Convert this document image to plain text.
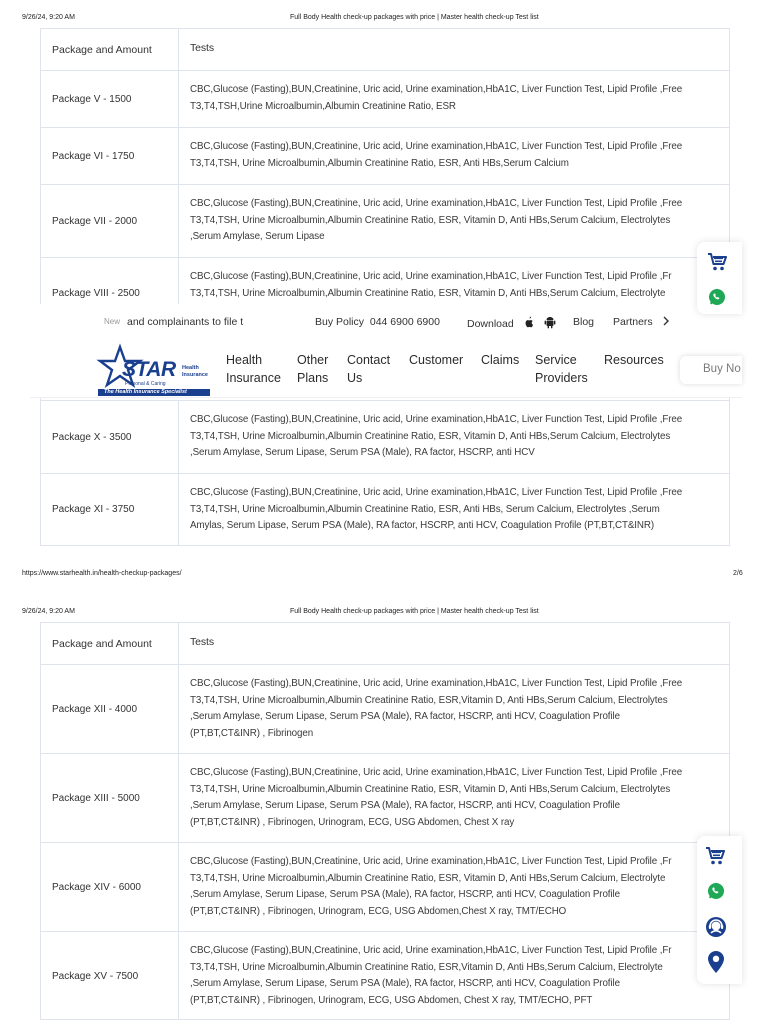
9/26/24, 9:20 AM	Full Body Health check-up packages with price | Master health check-up Test list
Package and Amount	Tests
Package V - 1500
CBC,Glucose (Fasting),BUN,Creatinine, Uric acid, Urine examination,HbA1C, Liver Function Test, Lipid Profile ,Free
T3,T4,TSH,Urine Microalbumin,Albumin Creatinine Ratio, ESR
Package VI - 1750
CBC,Glucose (Fasting),BUN,Creatinine, Uric acid, Urine examination,HbA1C, Liver Function Test, Lipid Profile ,Free
T3,T4,TSH, Urine Microalbumin,Albumin Creatinine Ratio, ESR, Anti HBs,Serum Calcium
Package VII - 2000
CBC,Glucose (Fasting),BUN,Creatinine, Uric acid, Urine examination,HbA1C, Liver Function Test, Lipid Profile ,Free
T3,T4,TSH, Urine Microalbumin,Albumin Creatinine Ratio, ESR, Vitamin D, Anti HBs,Serum Calcium, Electrolytes
,Serum Amylase, Serum Lipase
Package VIII - 2500
CBC,Glucose (Fasting),BUN,Creatinine, Uric acid, Urine examination,HbA1C, Liver Function Test, Lipid Profile ,Fr
T3,T4,TSH, Urine Microalbumin,Albumin Creatinine Ratio, ESR, Vitamin D, Anti HBs,Serum Calcium, Electrolyte
New and complainants to file t	Buy Policy 044 6900 6900	Download	Blog Partners
STAR Health
Insurance
Personal & Caring
The Health Insurance Specialist
Health
Insurance
Other
Plans
Contact
Us
Customer Claims Service
Providers
Resources
Buy No
Package X - 3500
CBC,Glucose (Fasting),BUN,Creatinine, Uric acid, Urine examination,HbA1C, Liver Function Test, Lipid Profile ,Free
T3,T4,TSH, Urine Microalbumin,Albumin Creatinine Ratio, ESR, Vitamin D, Anti HBs,Serum Calcium, Electrolytes
,Serum Amylase, Serum Lipase, Serum PSA (Male), RA factor, HSCRP, anti HCV
Package XI - 3750
CBC,Glucose (Fasting),BUN,Creatinine, Uric acid, Urine examination,HbA1C, Liver Function Test, Lipid Profile ,Free
T3,T4,TSH, Urine Microalbumin,Albumin Creatinine Ratio, ESR, Anti HBs, Serum Calcium, Electrolytes ,Serum
Amylas, Serum Lipase, Serum PSA (Male), RA factor, HSCRP, anti HCV, Coagulation Profile (PT,BT,CT&INR)
https://www.starhealth.in/health-checkup-packages/	2/6
9/26/24, 9:20 AM	Full Body Health check-up packages with price | Master health check-up Test list
Package and Amount	Tests
Package XII - 4000
CBC,Glucose (Fasting),BUN,Creatinine, Uric acid, Urine examination,HbA1C, Liver Function Test, Lipid Profile ,Free
T3,T4,TSH, Urine Microalbumin,Albumin Creatinine Ratio, ESR,Vitamin D, Anti HBs,Serum Calcium, Electrolytes
,Serum Amylase, Serum Lipase, Serum PSA (Male), RA factor, HSCRP, anti HCV, Coagulation Profile
(PT,BT,CT&INR) , Fibrinogen
Package XIII - 5000
CBC,Glucose (Fasting),BUN,Creatinine, Uric acid, Urine examination,HbA1C, Liver Function Test, Lipid Profile ,Free
T3,T4,TSH, Urine Microalbumin,Albumin Creatinine Ratio, ESR, Vitamin D, Anti HBs,Serum Calcium, Electrolytes
,Serum Amylase, Serum Lipase, Serum PSA (Male), RA factor, HSCRP, anti HCV, Coagulation Profile
(PT,BT,CT&INR) , Fibrinogen, Urinogram, ECG, USG Abdomen, Chest X ray
Package XIV - 6000
CBC,Glucose (Fasting),BUN,Creatinine, Uric acid, Urine examination,HbA1C, Liver Function Test, Lipid Profile ,Fr
T3,T4,TSH, Urine Microalbumin,Albumin Creatinine Ratio, ESR, Vitamin D, Anti HBs,Serum Calcium, Electrolyte
,Serum Amylase, Serum Lipase, Serum PSA (Male), RA factor, HSCRP, anti HCV, Coagulation Profile
(PT,BT,CT&INR) , Fibrinogen, Urinogram, ECG, USG Abdomen,Chest X ray, TMT/ECHO
Package XV - 7500
CBC,Glucose (Fasting),BUN,Creatinine, Uric acid, Urine examination,HbA1C, Liver Function Test, Lipid Profile ,Fr
T3,T4,TSH, Urine Microalbumin,Albumin Creatinine Ratio, ESR,Vitamin D, Anti HBs,Serum Calcium, Electrolyte
,Serum Amylase, Serum Lipase, Serum PSA (Male), RA factor, HSCRP, anti HCV, Coagulation Profile
(PT,BT,CT&INR) , Fibrinogen, Urinogram, ECG, USG Abdomen, Chest X ray, TMT/ECHO, PFT
